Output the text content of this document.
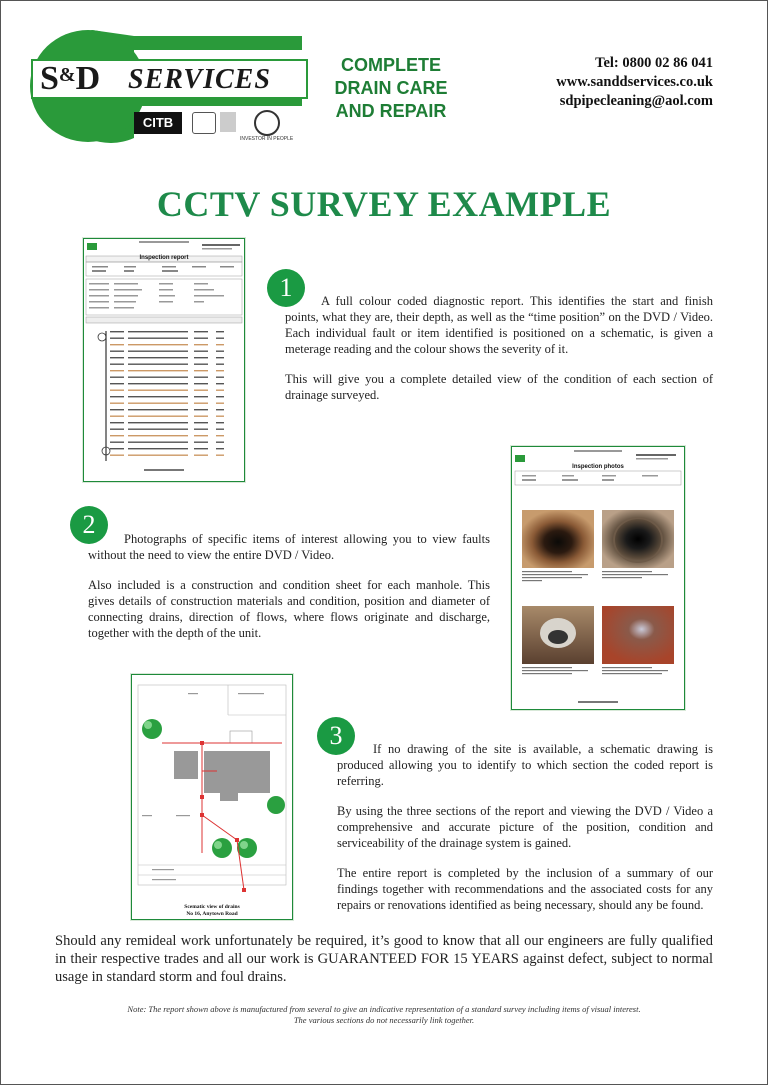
S&D SERVICES
CITB
INVESTOR IN PEOPLE
COMPLETE
DRAIN CARE
AND REPAIR
Tel: 0800 02 86 041
www.sanddservices.co.uk
sdpipecleaning@aol.com
CCTV SURVEY EXAMPLE
Inspection report
1	A full colour coded diagnostic report. This identifies the start and finish points, what they are, their depth, as well as the “time position” on the DVD / Video. Each individual fault or item identified is positioned on a schematic, is given a meterage reading and the colour shows the severity of it.

This will give you a complete detailed view of the condition of each section of drainage surveyed.

Inspection photos
2	Photographs of specific items of interest allowing you to view faults without the need to view the entire DVD / Video.

Also included is a construction and condition sheet for each manhole. This gives details of construction materials and condition, position and diameter of connecting drains, direction of flows, where flows originate and discharge, together with the depth of the unit.

Scematic view of drains
No 16, Anytown Road
3	If no drawing of the site is available, a schematic drawing is produced allowing you to identify to which section the coded report is referring.

By using the three sections of the report and viewing the DVD / Video a comprehensive and accurate picture of the position, condition and serviceability of the drainage system is gained.

The entire report is completed by the inclusion of a summary of our findings together with recommendations and the associated costs for any repairs or renovations identified as being necessary, should any be found.

Should any remideal work unfortunately be required, it’s good to know that all our engineers are fully qualified in their respective trades and all our work is GUARANTEED FOR 15 YEARS against defect, subject to normal usage in standard storm and foul drains.
Note: The report shown above is manufactured from several to give an indicative representation of a standard survey including items of visual interest.
The various sections do not necessarily link together.
